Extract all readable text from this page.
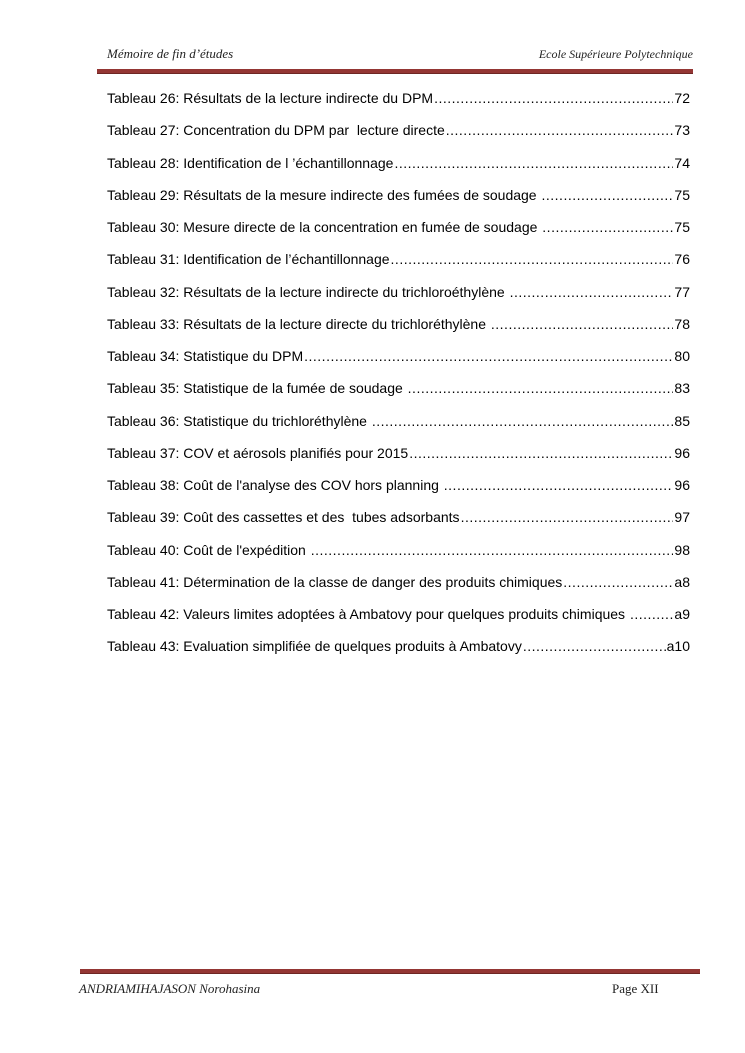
Mémoire de fin d’études	Ecole Supérieure Polytechnique
Tableau 26: Résultats de la lecture indirecte du DPM .....	72
Tableau 27: Concentration du DPM par  lecture directe .....	73
Tableau 28: Identification de l ’échantillonnage .....	74
Tableau 29: Résultats de la mesure indirecte des fumées de soudage .....	75
Tableau 30: Mesure directe de la concentration en fumée de soudage .....	75
Tableau 31: Identification de l’échantillonnage .....	76
Tableau 32: Résultats de la lecture indirecte du trichloroéthylène .....	77
Tableau 33: Résultats de la lecture directe du trichloréthylène .....	78
Tableau 34: Statistique du DPM .....	80
Tableau 35: Statistique de la fumée de soudage .....	83
Tableau 36: Statistique du trichloréthylène .....	85
Tableau 37: COV et aérosols planifiés pour 2015 .....	96
Tableau 38: Coût de l'analyse des COV hors planning .....	96
Tableau 39: Coût des cassettes et des  tubes adsorbants .....	97
Tableau 40: Coût de l'expédition .....	98
Tableau 41: Détermination de la classe de danger des produits chimiques .....	a8
Tableau 42: Valeurs limites adoptées à Ambatovy pour quelques produits chimiques .....	a9
Tableau 43: Evaluation simplifiée de quelques produits à Ambatovy .....	a10
ANDRIAMIHAJASON Norohasina	Page XII
